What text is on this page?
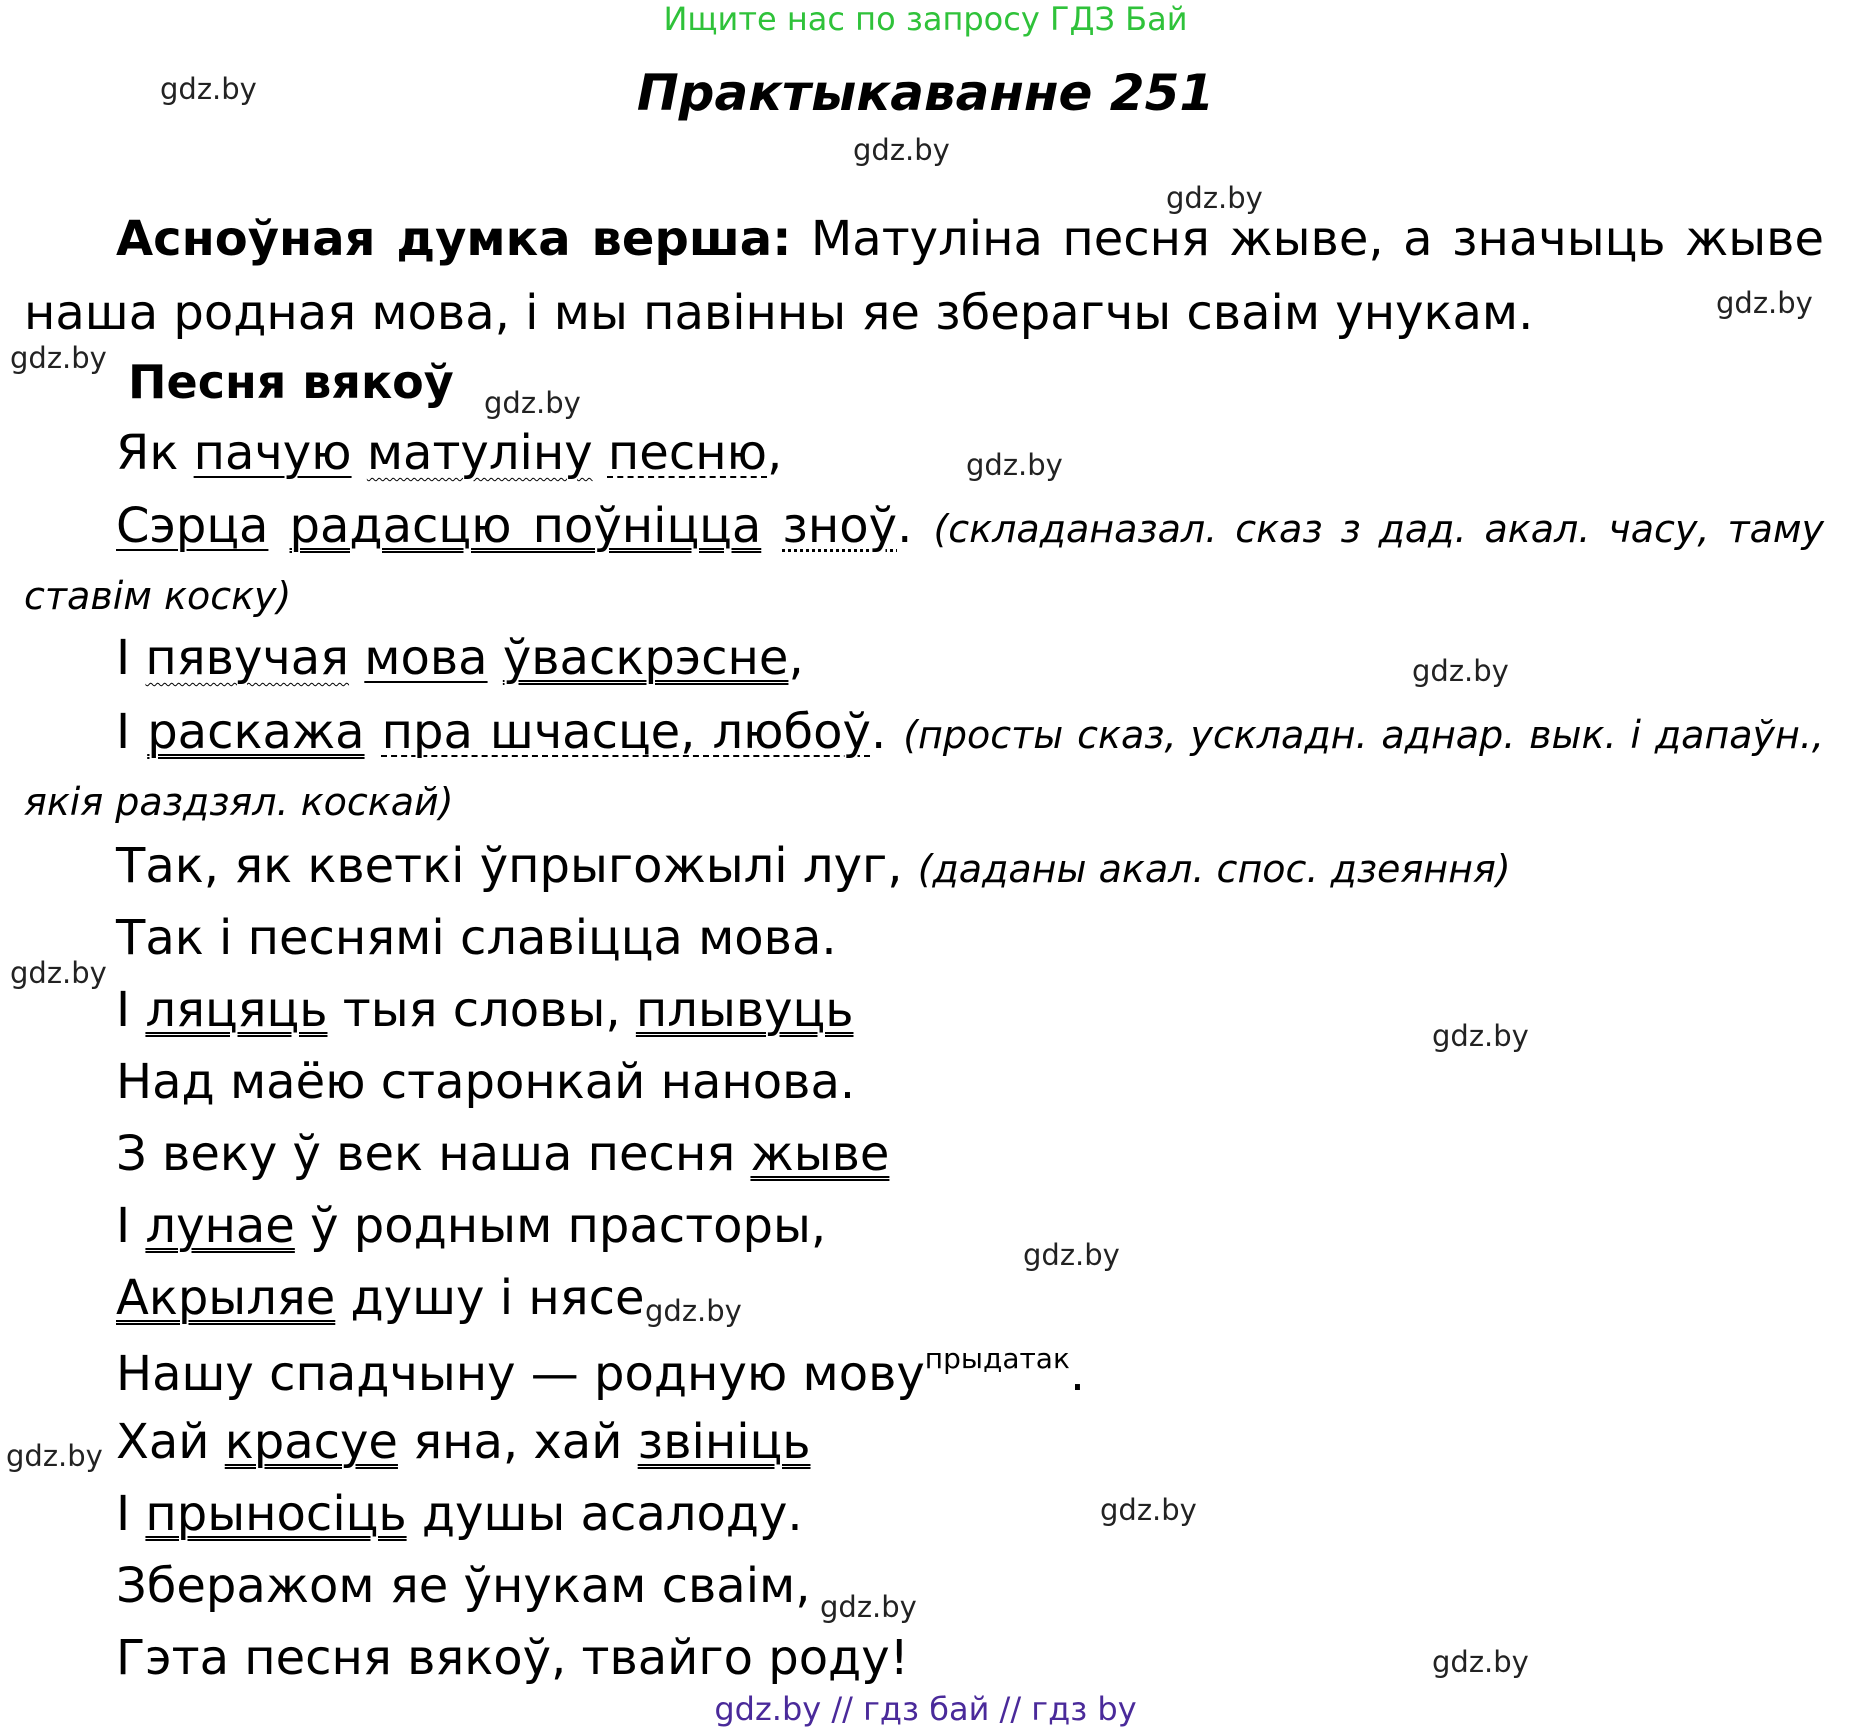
Ищите нас по запросу ГДЗ Бай
Практыкаванне 251
gdz.by
gdz.by
gdz.by
gdz.by
gdz.by
gdz.by
gdz.by
gdz.by
gdz.by
gdz.by
gdz.by
gdz.by
gdz.by
gdz.by
gdz.by
gdz.by
Асноўная думка верша: Матуліна песня жыве, а значыць жыве наша родная мова, і мы павінны яе зберагчы сваім унукам.
Песня вякоў
Як пачую матуліну песню,
Сэрца радасцю поўніцца зноў. (складаназал. сказ з дад. акал. часу, таму ставім коску)
І пявучая мова ўваскрэсне,
І раскажа пра шчасце, любоў. (просты сказ, ускладн. аднар. вык. і дапаўн., якія раздзял. коскай)
Так, як кветкі ўпрыгожылі луг, (даданы акал. спос. дзеяння)
Так і песнямі славіцца мова.
І ляцяць тыя словы, плывуць
Над маёю старонкай нанова.
З веку ў век наша песня жыве
І лунае ў родным прасторы,
Акрыляе душу і нясе
Нашу спадчыну — родную мову$^{прыдатак}$.
Хай красуе яна, хай звініць
І прыносіць душы асалоду.
Зберажом яе ўнукам сваім,
Гэта песня вякоў, твайго роду!
gdz.by // гдз бай // гдз by
